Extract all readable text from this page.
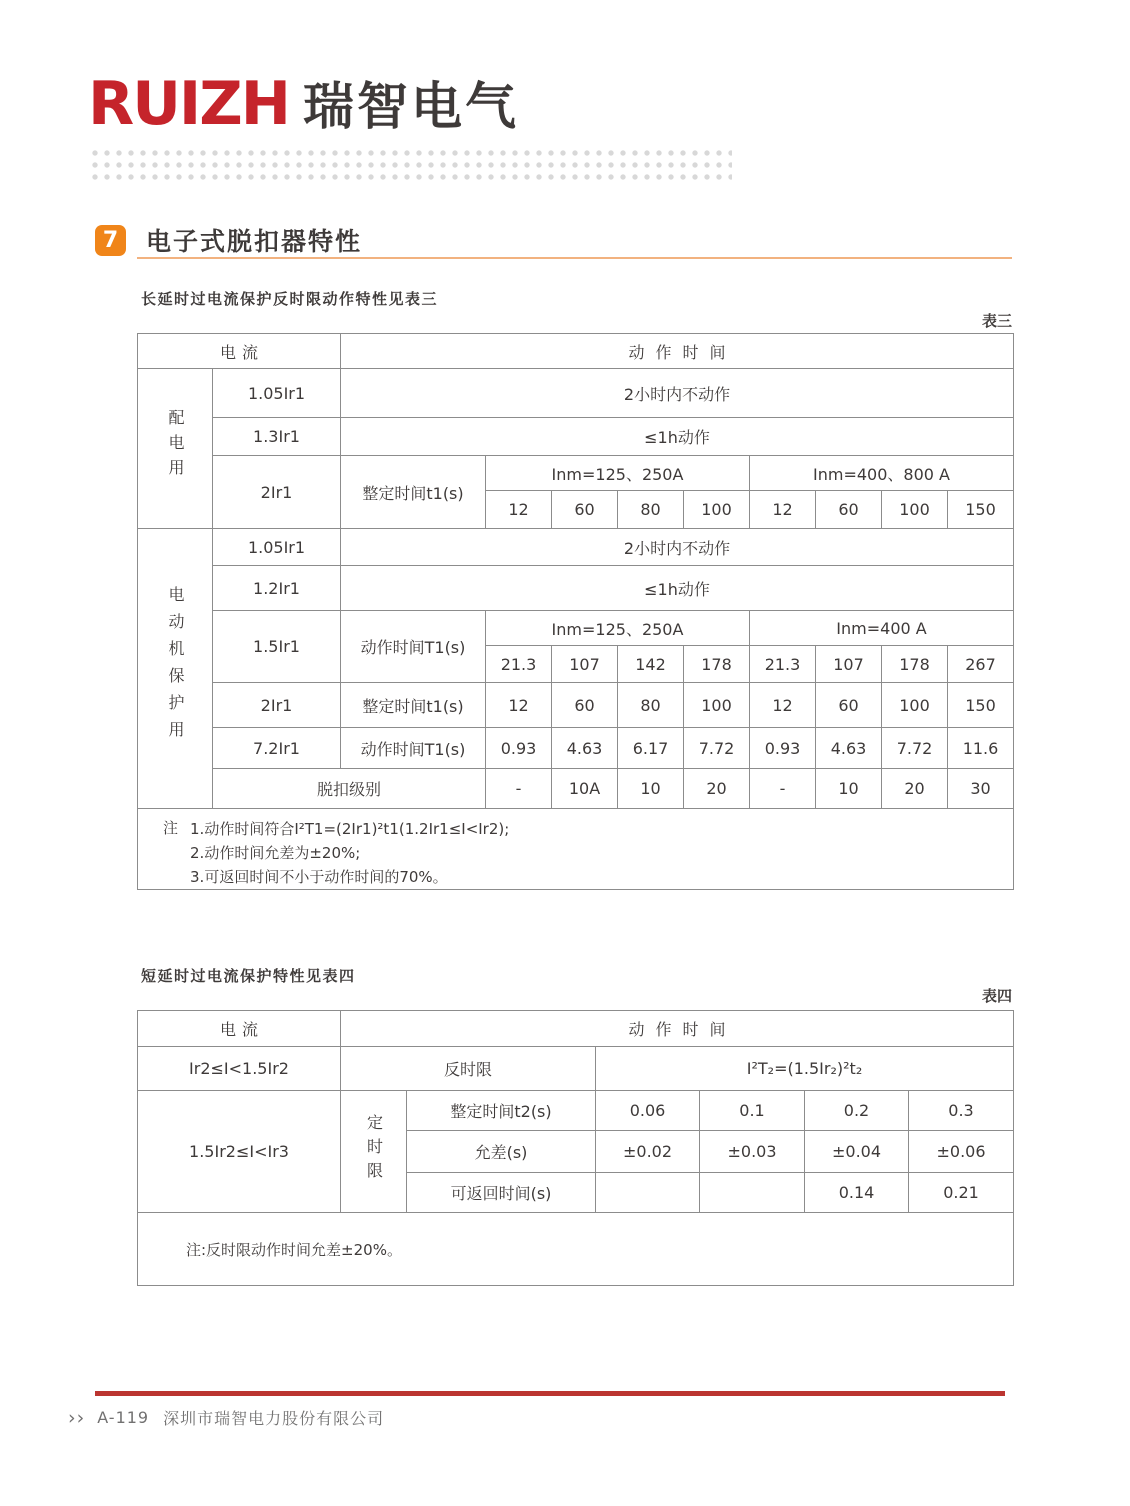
RUIZH 瑞智电气
7	电子式脱扣器特性
长延时过电流保护反时限动作特性见表三
表三
电流		动作时间								
配电用	1.05Ir1	2小时内不动作								
	1.3Ir1	≤1h动作								
	2Ir1	整定时间t1(s)	Inm=125、250A				Inm=400、800 A			
			12	60	80	100	12	60	100	150
电动机保护用	1.05Ir1	2小时内不动作								
	1.2Ir1	≤1h动作								
	1.5Ir1	动作时间T1(s)	Inm=125、250A				Inm=400 A			
			21.3	107	142	178	21.3	107	178	267
	2Ir1	整定时间t1(s)	12	60	80	100	12	60	100	150
	7.2Ir1	动作时间T1(s)	0.93	4.63	6.17	7.72	0.93	4.63	7.72	11.6
	脱扣级别		-	10A	10	20	-	10	20	30

注 1.动作时间符合I²T1=(2Ir1)²t1(1.2Ir1≤I<Ir2);
2.动作时间允差为±20%;
3.可返回时间不小于动作时间的70%。										
短延时过电流保护特性见表四
表四
电流	动作时间					
Ir2≤I<1.5Ir2	反时限		I²T₂=(1.5Ir₂)²t₂			
1.5Ir2≤I<Ir3	定时限	整定时间t2(s)	0.06	0.1	0.2	0.3
		允差(s)	±0.02	±0.03	±0.04	±0.06
		可返回时间(s)			0.14	0.21
注:反时限动作时间允差±20%。						
›› A-119 深圳市瑞智电力股份有限公司
